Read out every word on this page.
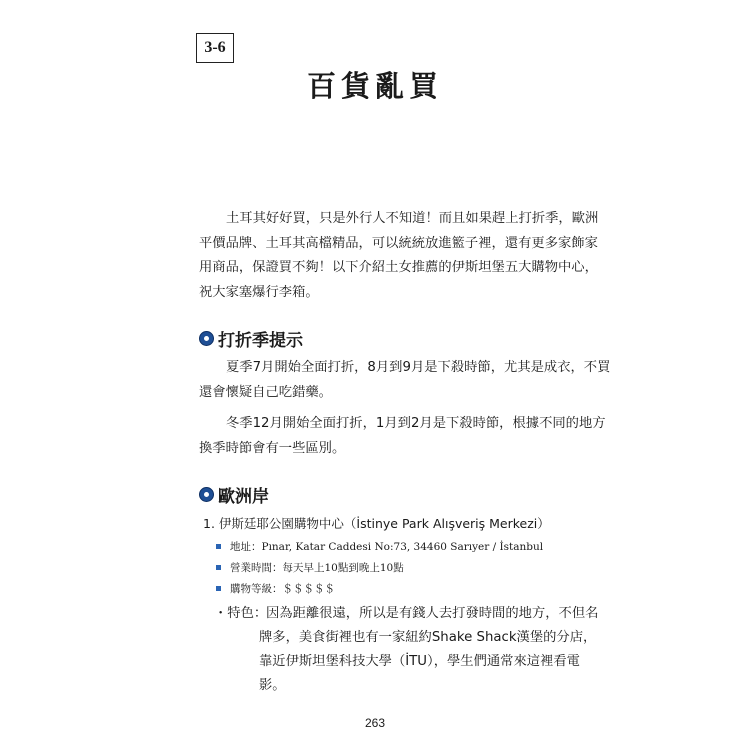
3-6
百貨亂買

土耳其好好買，只是外行人不知道！而且如果趕上打折季，歐洲
平價品牌、土耳其高檔精品，可以統統放進籃子裡，還有更多家飾家
用商品，保證買不夠！以下介紹土女推薦的伊斯坦堡五大購物中心，
祝大家塞爆行李箱。

打折季提示

夏季7月開始全面打折，8月到9月是下殺時節，尤其是成衣，不買
還會懷疑自己吃錯藥。

冬季12月開始全面打折，1月到2月是下殺時節，根據不同的地方
換季時節會有一些區別。

歐洲岸
1. 伊斯廷耶公園購物中心（İstinye Park Alışveriş Merkezi）
地址：Pınar, Katar Caddesi No:73, 34460 Sarıyer / İstanbul
營業時間：每天早上10點到晚上10點
購物等級：＄＄＄＄＄
・特色：
因為距離很遠，所以是有錢人去打發時間的地方，不但名
牌多，美食街裡也有一家紐約Shake Shack漢堡的分店，
靠近伊斯坦堡科技大學（İTU），學生們通常來這裡看電
影。
263
